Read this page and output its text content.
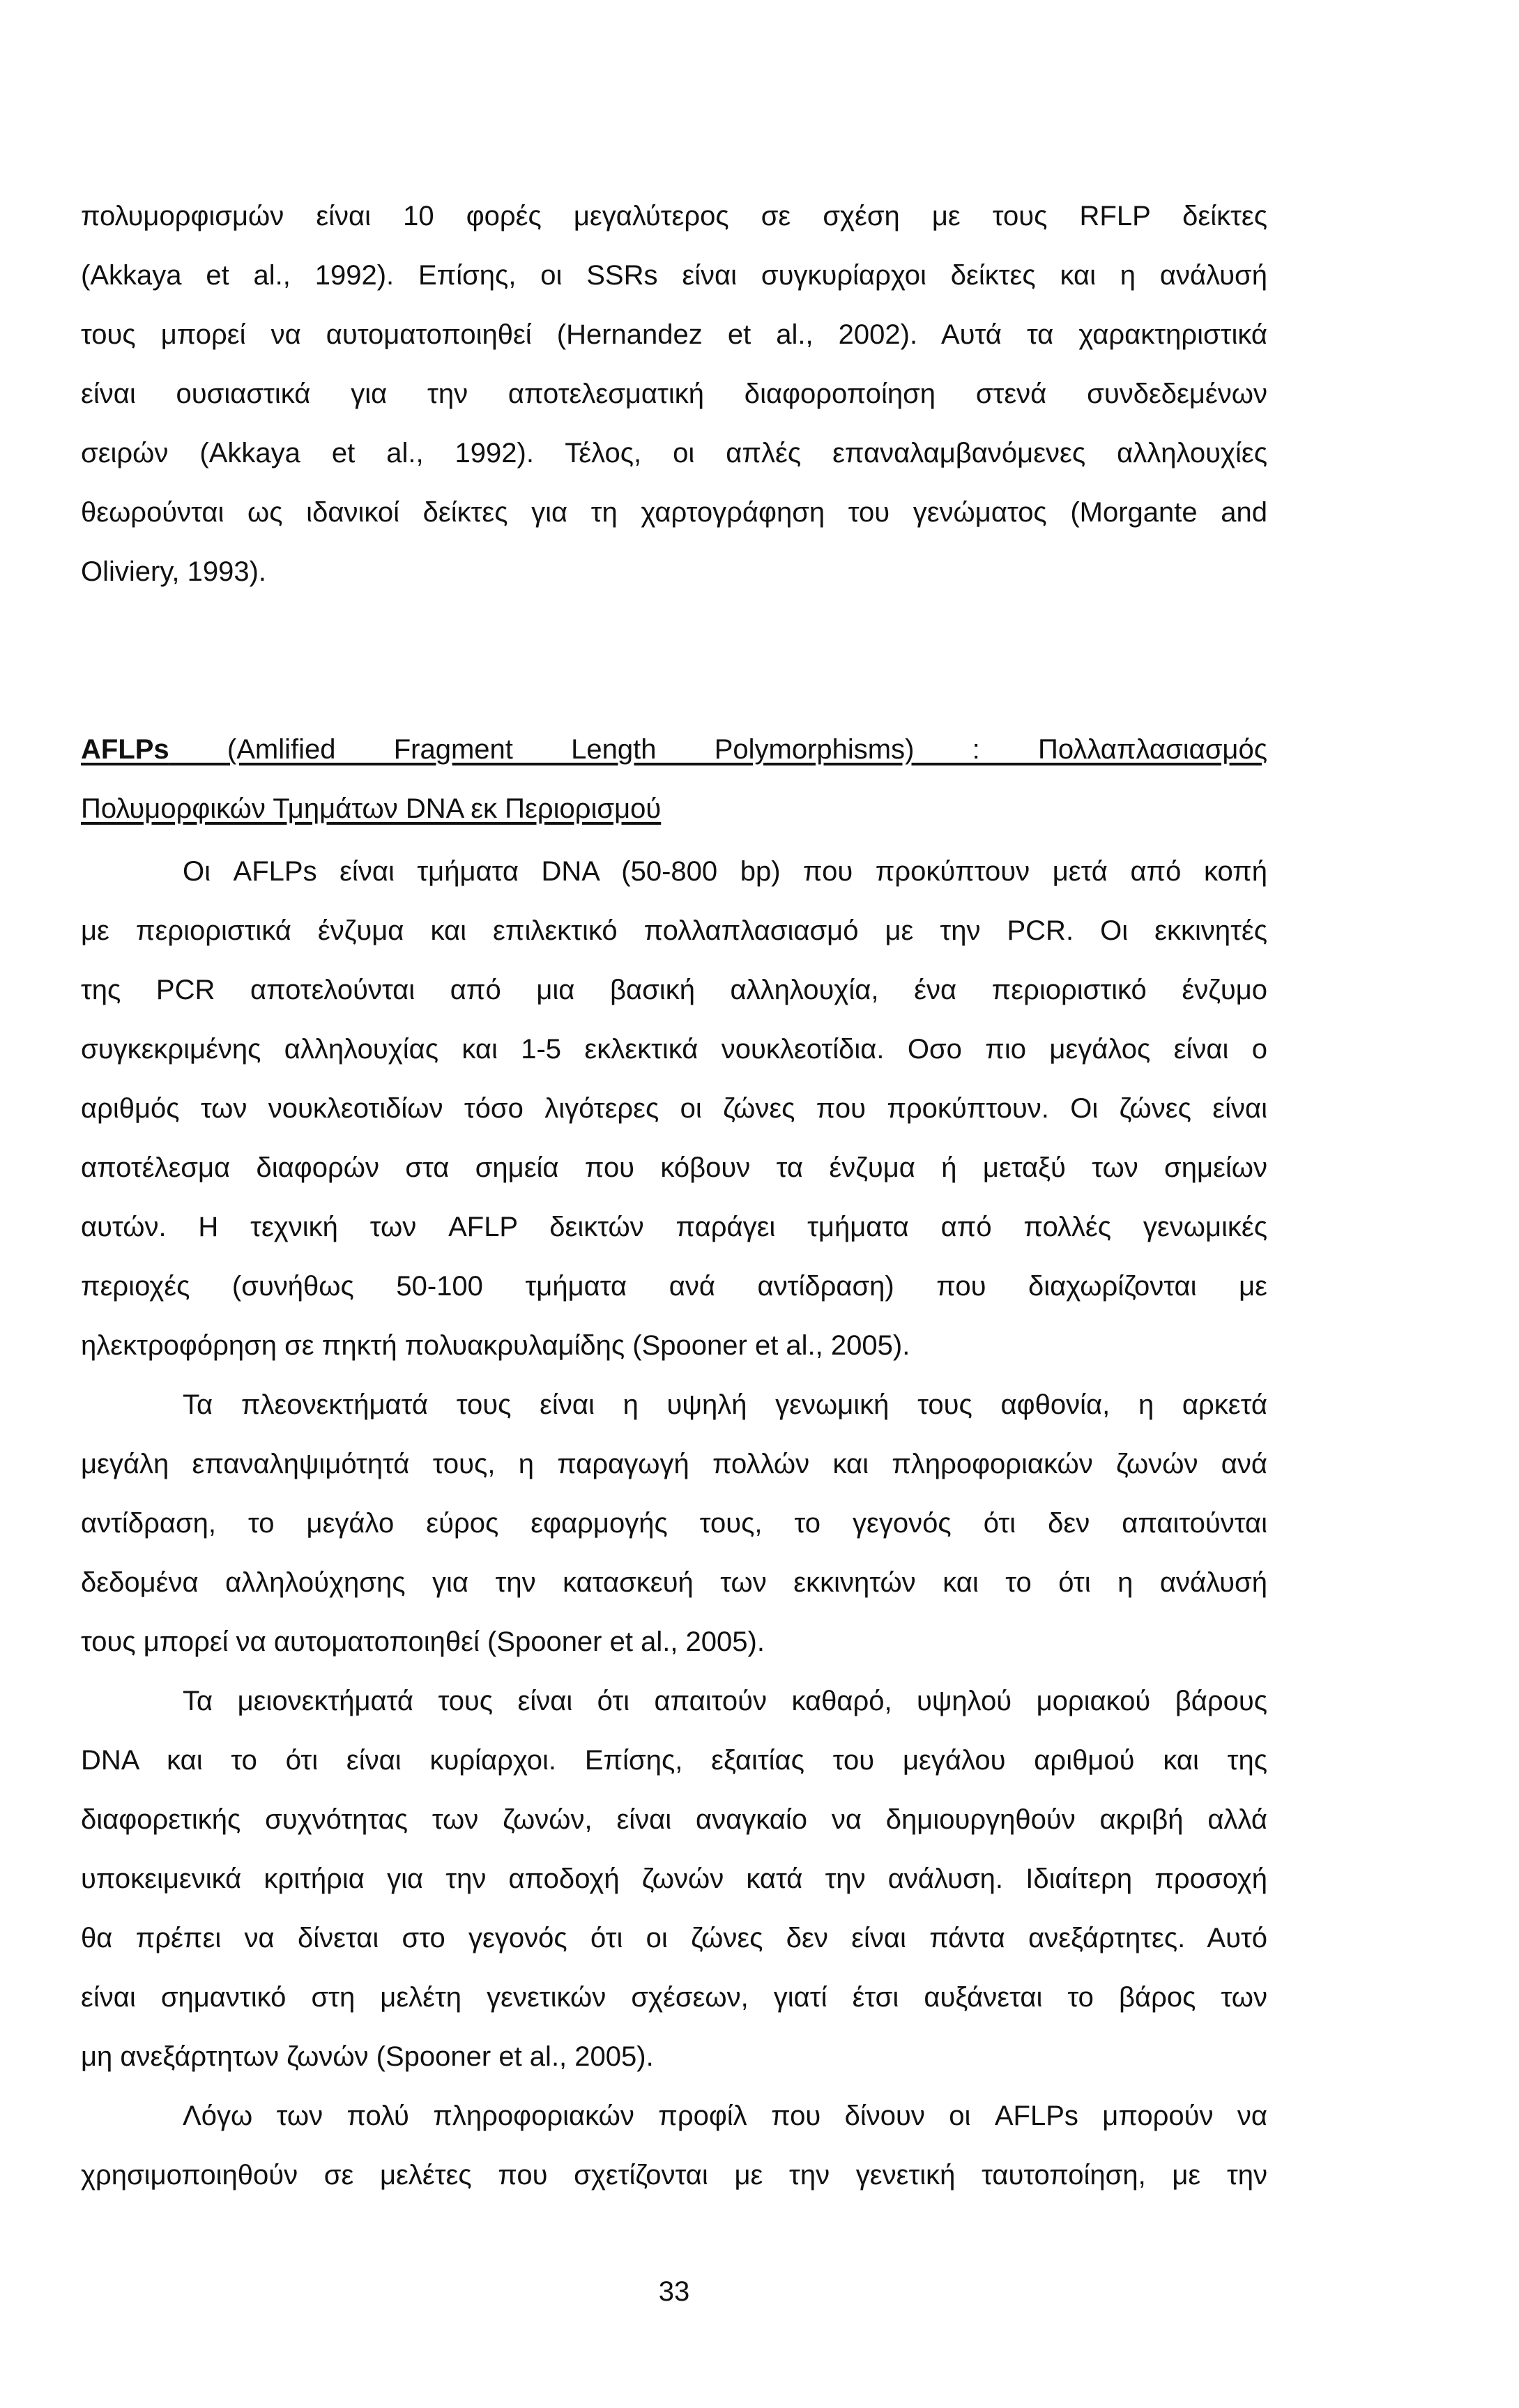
πολυμορφισμών είναι 10 φορές μεγαλύτερος σε σχέση με τους RFLP δείκτες
(Akkaya et al., 1992). Επίσης, οι SSRs είναι συγκυρίαρχοι δείκτες και η ανάλυσή
τους μπορεί να αυτοματοποιηθεί (Hernandez et al., 2002). Αυτά τα χαρακτηριστικά
είναι ουσιαστικά για την αποτελεσματική διαφοροποίηση στενά συνδεδεμένων
σειρών (Akkaya et al., 1992). Τέλος, οι απλές επαναλαμβανόμενες αλληλουχίες
θεωρούνται ως ιδανικοί δείκτες για τη χαρτογράφηση του γενώματος (Morgante and
Oliviery, 1993).
AFLPs (Amlified Fragment Length Polymorphisms) : Πολλαπλασιασμός
Πολυμορφικών Τμημάτων DNA εκ Περιορισμού
Οι AFLPs είναι τμήματα DNA (50-800 bp) που προκύπτουν μετά από κοπή
με περιοριστικά ένζυμα και επιλεκτικό πολλαπλασιασμό με την PCR. Οι εκκινητές
της PCR αποτελούνται από μια βασική αλληλουχία, ένα περιοριστικό ένζυμο
συγκεκριμένης αλληλουχίας και 1-5 εκλεκτικά νουκλεοτίδια. Οσο πιο μεγάλος είναι ο
αριθμός των νουκλεοτιδίων τόσο λιγότερες οι ζώνες που προκύπτουν. Οι ζώνες είναι
αποτέλεσμα διαφορών στα σημεία που κόβουν τα ένζυμα ή μεταξύ των σημείων
αυτών. Η τεχνική των AFLP δεικτών παράγει τμήματα από πολλές γενωμικές
περιοχές (συνήθως 50-100 τμήματα ανά αντίδραση) που διαχωρίζονται με
ηλεκτροφόρηση σε πηκτή πολυακρυλαμίδης (Spooner et al., 2005).
Τα πλεονεκτήματά τους είναι η υψηλή γενωμική τους αφθονία, η αρκετά
μεγάλη επαναληψιμότητά τους, η παραγωγή πολλών και πληροφοριακών ζωνών ανά
αντίδραση, το μεγάλο εύρος εφαρμογής τους, το γεγονός ότι δεν απαιτούνται
δεδομένα αλληλούχησης για την κατασκευή των εκκινητών και το ότι η ανάλυσή
τους μπορεί να αυτοματοποιηθεί (Spooner et al., 2005).
Τα μειονεκτήματά τους είναι ότι απαιτούν καθαρό, υψηλού μοριακού βάρους
DNA και το ότι είναι κυρίαρχοι. Επίσης, εξαιτίας του μεγάλου αριθμού και της
διαφορετικής συχνότητας των ζωνών, είναι αναγκαίο να δημιουργηθούν ακριβή αλλά
υποκειμενικά κριτήρια για την αποδοχή ζωνών κατά την ανάλυση. Ιδιαίτερη προσοχή
θα πρέπει να δίνεται στο γεγονός ότι οι ζώνες δεν είναι πάντα ανεξάρτητες. Αυτό
είναι σημαντικό στη μελέτη γενετικών σχέσεων, γιατί έτσι αυξάνεται το βάρος των
μη ανεξάρτητων ζωνών (Spooner et al., 2005).
Λόγω των πολύ πληροφοριακών προφίλ που δίνουν οι AFLPs μπορούν να
χρησιμοποιηθούν σε μελέτες που σχετίζονται με την γενετική ταυτοποίηση, με την
33
